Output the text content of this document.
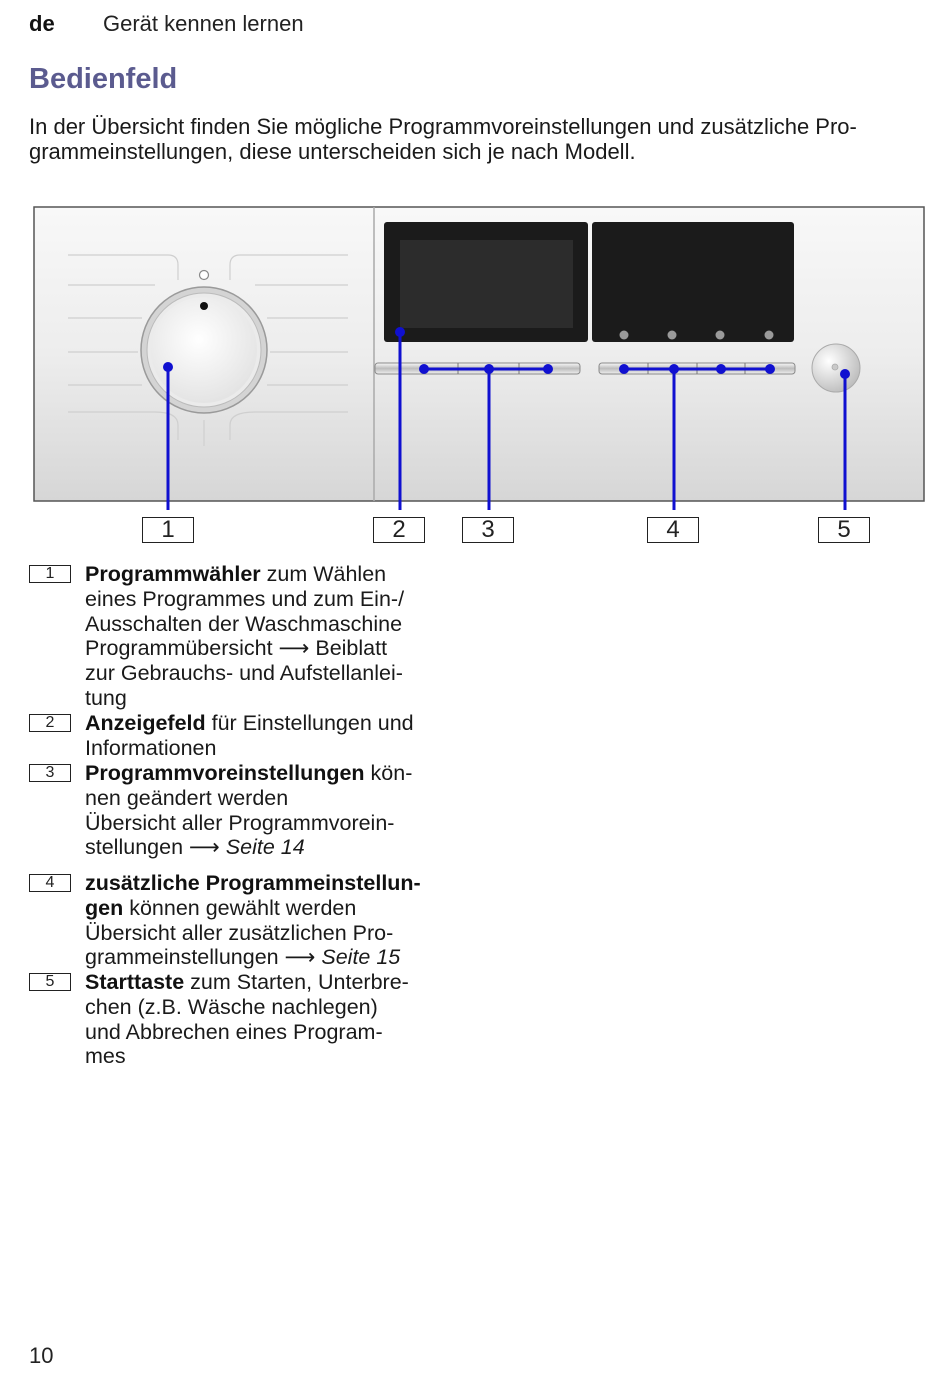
de Gerät kennen lernen
Bedienfeld
In der Übersicht finden Sie mögliche Programmvoreinstellungen und zusätzliche Pro-
grammeinstellungen, diese unterscheiden sich je nach Modell.
1	2	3	4	5
1	Programmwähler zum Wählen
eines Programmes und zum Ein-/
Ausschalten der Waschmaschine
Programmübersicht ⟶ Beiblatt
zur Gebrauchs- und Aufstellanlei-
tung
2	Anzeigefeld für Einstellungen und
Informationen
3	Programmvoreinstellungen kön-
nen geändert werden
Übersicht aller Programmvorein-
stellungen ⟶ Seite 14
4	zusätzliche Programmeinstellun-
gen können gewählt werden
Übersicht aller zusätzlichen Pro-
grammeinstellungen ⟶ Seite 15
5	Starttaste zum Starten, Unterbre-
chen (z.B. Wäsche nachlegen)
und Abbrechen eines Program-
mes
10
